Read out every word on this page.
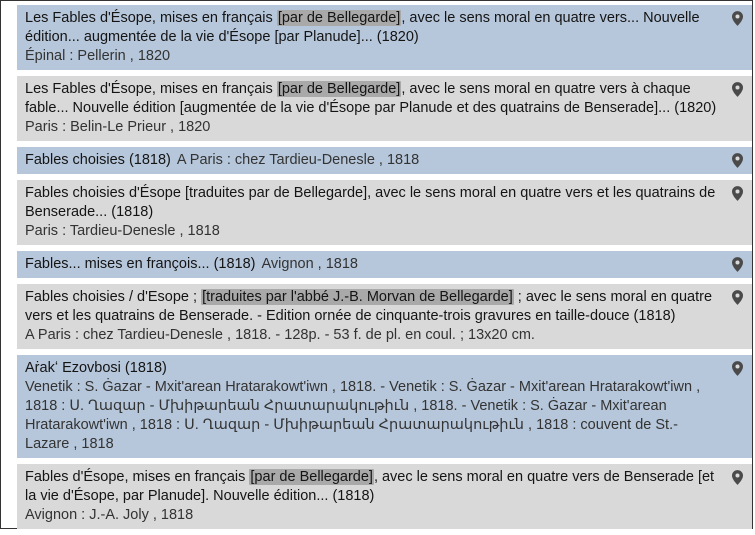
Les Fables d'Ésope, mises en français [par de Bellegarde], avec le sens moral en quatre vers... Nouvelle édition... augmentée de la vie d'Ésope [par Planude]... (1820)
Épinal : Pellerin , 1820
Les Fables d'Ésope, mises en français [par de Bellegarde], avec le sens moral en quatre vers à chaque fable... Nouvelle édition [augmentée de la vie d'Ésope par Planude et des quatrains de Benserade]... (1820)
Paris : Belin-Le Prieur , 1820
Fables choisies (1818) A Paris : chez Tardieu-Denesle , 1818
Fables choisies d'Ésope [traduites par de Bellegarde], avec le sens moral en quatre vers et les quatrains de Benserade... (1818)
Paris : Tardieu-Denesle , 1818
Fables... mises en françois... (1818) Avignon , 1818
Fables choisies / d'Esope ; [traduites par l'abbé J.-B. Morvan de Bellegarde] ; avec le sens moral en quatre vers et les quatrains de Benserade. - Edition ornée de cinquante-trois gravures en taille-douce (1818)
A Paris : chez Tardieu-Denesle , 1818. - 128p. - 53 f. de pl. en coul. ; 13x20 cm.
Aṙakʻ Ezovbosi (1818)
Venetik : S. Ġazar - Mxit'arean Hratarakowt'iwn , 1818. - Venetik : S. Ġazar - Mxit'arean Hratarakowt'iwn , 1818 : Ս. Ղազար - Մխիթարեան Հրատարակութիւն , 1818. - Venetik : S. Ġazar - Mxit'arean Hratarakowt'iwn , 1818 : Ս. Ղազար - Մխիթարեան Հրատարակութիւն , 1818 : couvent de St.-Lazare , 1818
Fables d'Ésope, mises en français [par de Bellegarde], avec le sens moral en quatre vers de Benserade [et la vie d'Ésope, par Planude]. Nouvelle édition... (1818)
Avignon : J.-A. Joly , 1818
